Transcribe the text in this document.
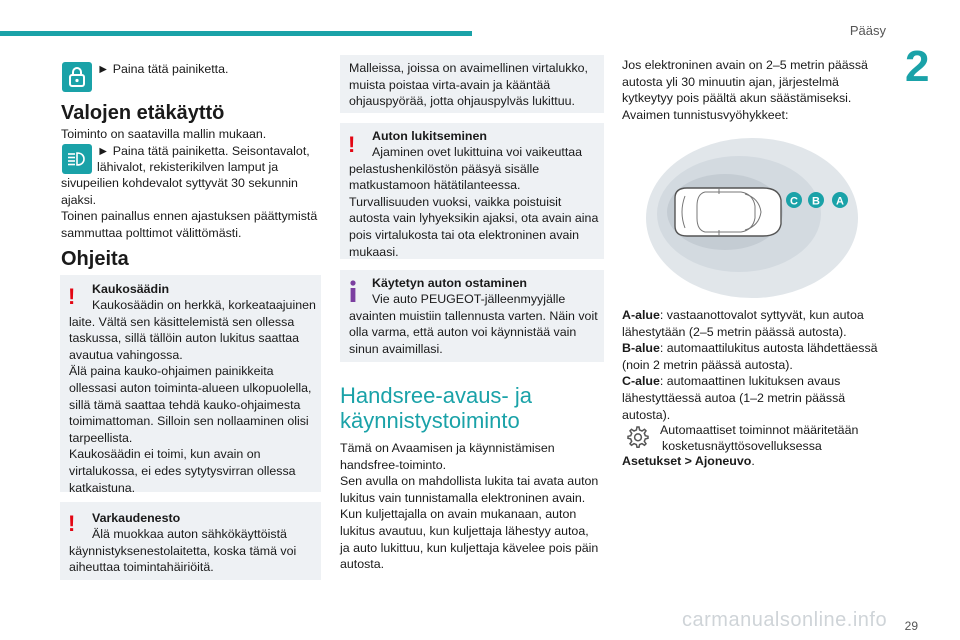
Pääsy
2
29

► Paina tätä painiketta.

Valojen etäkäyttö

Toiminto on saatavilla mallin mukaan.

► Paina tätä painiketta. Seisontavalot,

lähivalot, rekisterikilven lamput ja

sivupeilien kohdevalot syttyvät 30 sekunnin

ajaksi.

Toinen painallus ennen ajastuksen päättymistä

sammuttaa polttimot välittömästi.

Ohjeita
!	Kaukosäädin

Kaukosäädin on herkkä, korkeataajuinen

laite. Vältä sen käsittelemistä sen ollessa

taskussa, sillä tällöin auton lukitus saattaa

avautua vahingossa.

Älä paina kauko-ohjaimen painikkeita

ollessasi auton toiminta-alueen ulkopuolella,

sillä tämä saattaa tehdä kauko-ohjaimesta

toimimattoman. Silloin sen nollaaminen olisi

tarpeellista.

Kaukosäädin ei toimi, kun avain on

virtalukossa, ei edes sytytysvirran ollessa

katkaistuna.

!	Varkaudenesto

Älä muokkaa auton sähkökäyttöistä

käynnistyksenestolaitetta, koska tämä voi

aiheuttaa toimintahäiriöitä.

Malleissa, joissa on avaimellinen virtalukko,

muista poistaa virta-avain ja kääntää

ohjauspyörää, jotta ohjauspylväs lukittuu.

!	Auton lukitseminen

Ajaminen ovet lukittuina voi vaikeuttaa

pelastushenkilöstön pääsyä sisälle

matkustamoon hätätilanteessa.

Turvallisuuden vuoksi, vaikka poistuisit

autosta vain lyhyeksikin ajaksi, ota avain aina

pois virtalukosta tai ota elektroninen avain

mukaasi.

Käytetyn auton ostaminen

Vie auto PEUGEOT-jälleenmyyjälle

avainten muistiin tallennusta varten. Näin voit

olla varma, että auton voi käynnistää vain

sinun avaimillasi.

Handsree-avaus- ja
käynnistystoiminto

Tämä on Avaamisen ja käynnistämisen

handsfree-toiminto.

Sen avulla on mahdollista lukita tai avata auton

lukitus vain tunnistamalla elektroninen avain.

Kun kuljettajalla on avain mukanaan, auton

lukitus avautuu, kun kuljettaja lähestyy autoa,

ja auto lukittuu, kun kuljettaja kävelee pois päin

autosta.

Jos elektroninen avain on 2–5 metrin päässä

autosta yli 30 minuutin ajan, järjestelmä

kytkeytyy pois päältä akun säästämiseksi.

Avaimen tunnistusvyöhykkeet:

C B A

A-alue: vastaanottovalot syttyvät, kun autoa

lähestytään (2–5 metrin päässä autosta).

B-alue: automaattilukitus autosta lähdettäessä

(noin 2 metrin päässä autosta).

C-alue: automaattinen lukituksen avaus

lähestyttäessä autoa (1–2 metrin päässä

autosta).

Automaattiset toiminnot määritetään

kosketusnäyttösovelluksessa

Asetukset > Ajoneuvo.

carmanualsonline.info
